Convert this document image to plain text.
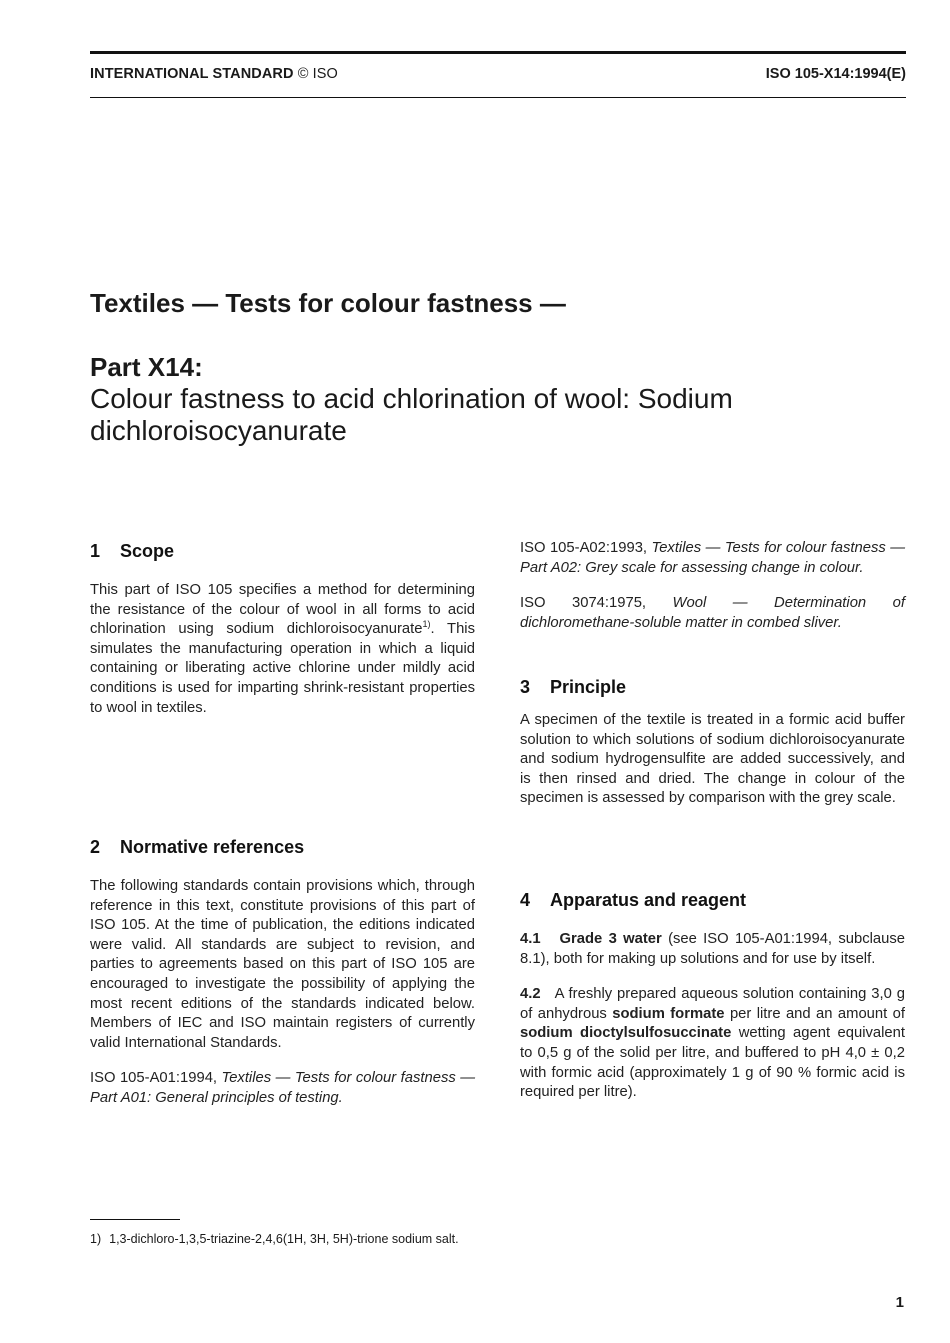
INTERNATIONAL STANDARD © ISO	ISO 105-X14:1994(E)
Textiles — Tests for colour fastness —
Part X14:
Colour fastness to acid chlorination of wool: Sodium dichloroisocyanurate
1 Scope

This part of ISO 105 specifies a method for determining the resistance of the colour of wool in all forms to acid chlorination using sodium dichloroisocyanurate$^{1)}$. This simulates the manufacturing operation in which a liquid containing or liberating active chlorine under mildly acid conditions is used for imparting shrink-resistant properties to wool in textiles.

2 Normative references

The following standards contain provisions which, through reference in this text, constitute provisions of this part of ISO 105. At the time of publication, the editions indicated were valid. All standards are subject to revision, and parties to agreements based on this part of ISO 105 are encouraged to investigate the possibility of applying the most recent editions of the standards indicated below. Members of IEC and ISO maintain registers of currently valid International Standards.

ISO 105-A01:1994, Textiles — Tests for colour fastness — Part A01: General principles of testing.

ISO 105-A02:1993, Textiles — Tests for colour fastness — Part A02: Grey scale for assessing change in colour.

ISO 3074:1975, Wool — Determination of dichloromethane-soluble matter in combed sliver.

3 Principle

A specimen of the textile is treated in a formic acid buffer solution to which solutions of sodium dichloroisocyanurate and sodium hydrogensulfite are added successively, and is then rinsed and dried. The change in colour of the specimen is assessed by comparison with the grey scale.

4 Apparatus and reagent

4.1 Grade 3 water (see ISO 105-A01:1994, subclause 8.1), both for making up solutions and for use by itself.

4.2 A freshly prepared aqueous solution containing 3,0 g of anhydrous sodium formate per litre and an amount of sodium dioctylsulfosuccinate wetting agent equivalent to 0,5 g of the solid per litre, and buffered to pH 4,0 ± 0,2 with formic acid (approximately 1 g of 90 % formic acid is required per litre).

1) 1,3-dichloro-1,3,5-triazine-2,4,6(1H, 3H, 5H)-trione sodium salt.
1
